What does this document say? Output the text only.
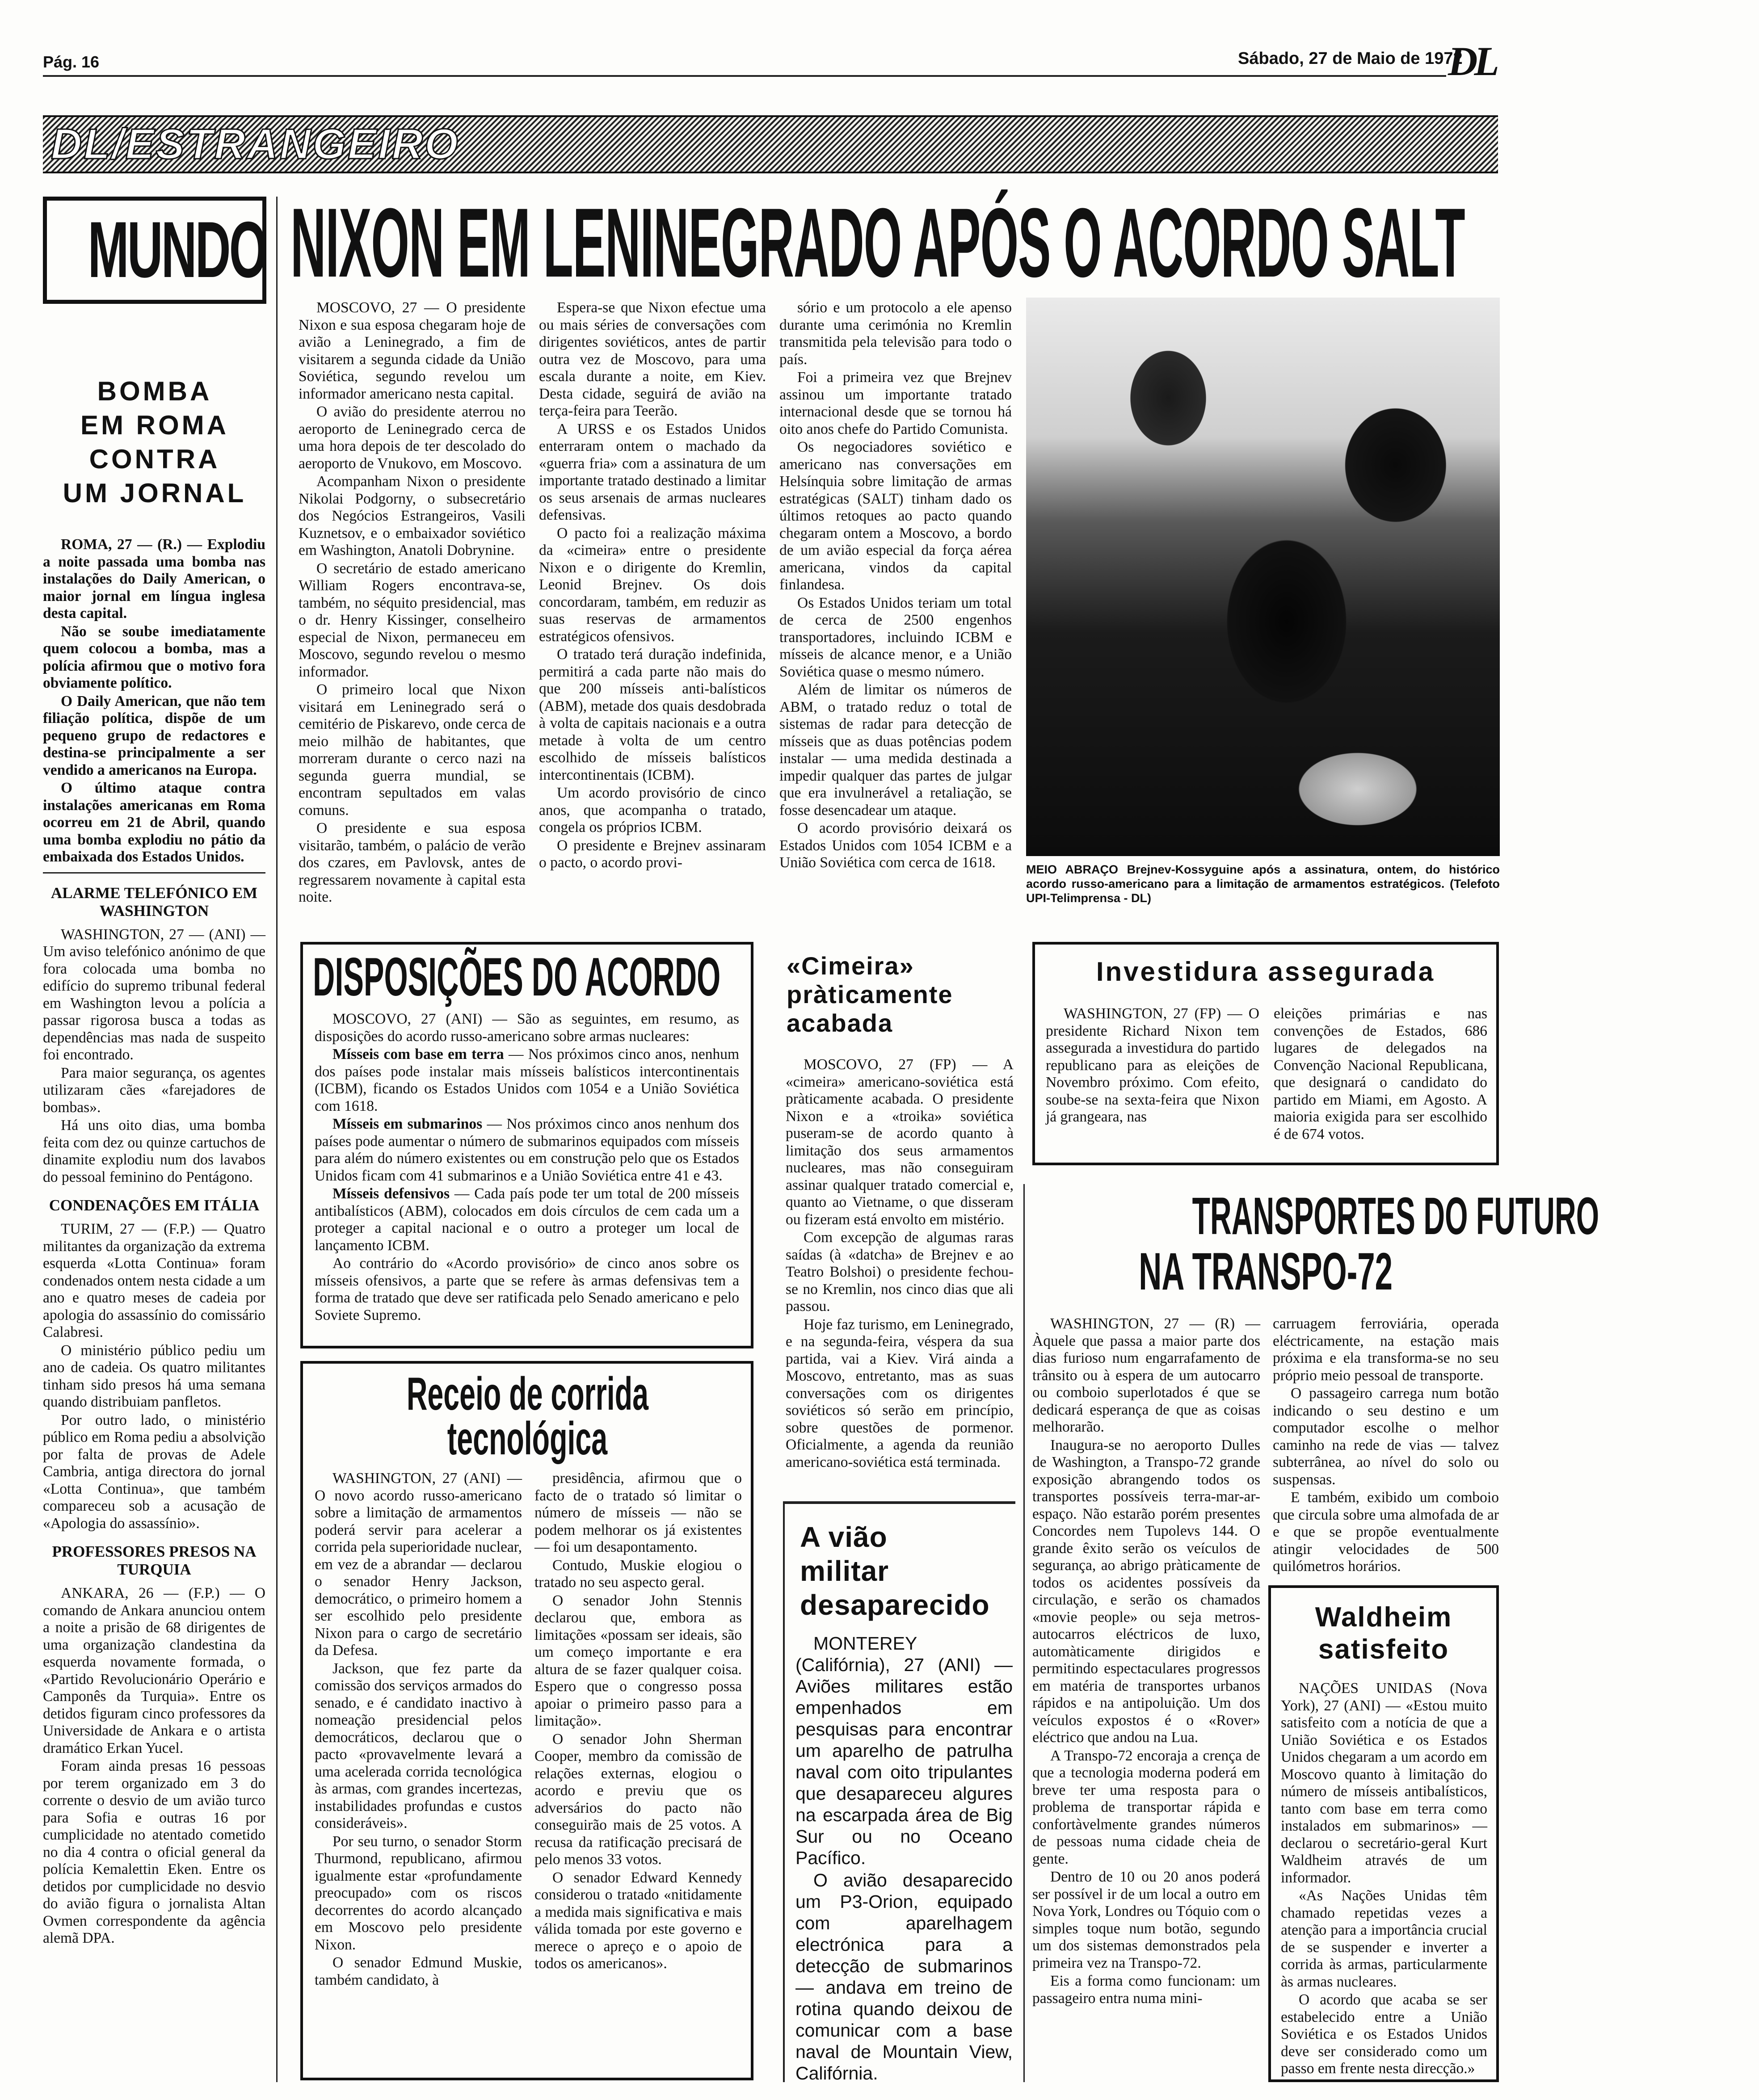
Pág. 16	Sábado, 27 de Maio de 1972
DL
DL/ESTRANGEIRO
MUNDO NIXON EM LENINEGRADO APÓS O ACORDO SALT
BOMBA
EM ROMA
CONTRA
UM JORNAL

ROMA, 27 — (R.) — Explodiu a noite passada uma bomba nas instalações do Daily American, o maior jornal em língua inglesa desta capital.

Não se soube imediatamente quem colocou a bomba, mas a polícia afirmou que o motivo fora obviamente político.

O Daily American, que não tem filiação política, dispõe de um pequeno grupo de redactores e destina-se principalmente a ser vendido a americanos na Europa.

O último ataque contra instalações americanas em Roma ocorreu em 21 de Abril, quando uma bomba explodiu no pátio da embaixada dos Estados Unidos.

ALARME TELEFÓNICO EM WASHINGTON

WASHINGTON, 27 — (ANI) — Um aviso telefónico anónimo de que fora colocada uma bomba no edifício do supremo tribunal federal em Washington levou a polícia a passar rigorosa busca a todas as dependências mas nada de suspeito foi encontrado.

Para maior segurança, os agentes utilizaram cães «farejadores de bombas».

Há uns oito dias, uma bomba feita com dez ou quinze cartuchos de dinamite explodiu num dos lavabos do pessoal feminino do Pentágono.

CONDENAÇÕES EM ITÁLIA

TURIM, 27 — (F.P.) — Quatro militantes da organização da extrema esquerda «Lotta Continua» foram condenados ontem nesta cidade a um ano e quatro meses de cadeia por apologia do assassínio do comissário Calabresi.

O ministério público pediu um ano de cadeia. Os quatro militantes tinham sido presos há uma semana quando distribuiam panfletos.

Por outro lado, o ministério público em Roma pediu a absolvição por falta de provas de Adele Cambria, antiga directora do jornal «Lotta Continua», que também compareceu sob a acusação de «Apologia do assassínio».

PROFESSORES PRESOS NA TURQUIA

ANKARA, 26 — (F.P.) — O comando de Ankara anunciou ontem a noite a prisão de 68 dirigentes de uma organização clandestina da esquerda novamente formada, o «Partido Revolucionário Operário e Camponês da Turquia». Entre os detidos figuram cinco professores da Universidade de Ankara e o artista dramático Erkan Yucel.

Foram ainda presas 16 pessoas por terem organizado em 3 do corrente o desvio de um avião turco para Sofia e outras 16 por cumplicidade no atentado cometido no dia 4 contra o oficial general da polícia Kemalettin Eken. Entre os detidos por cumplicidade no desvio do avião figura o jornalista Altan Ovmen correspondente da agência alemã DPA.

MOSCOVO, 27 — O presidente Nixon e sua esposa chegaram hoje de avião a Leninegrado, a fim de visitarem a segunda cidade da União Soviética, segundo revelou um informador americano nesta capital.

O avião do presidente aterrou no aeroporto de Leninegrado cerca de uma hora depois de ter descolado do aeroporto de Vnukovo, em Moscovo.

Acompanham Nixon o presidente Nikolai Podgorny, o subsecretário dos Negócios Estrangeiros, Vasili Kuznetsov, e o embaixador soviético em Washington, Anatoli Dobrynine.

O secretário de estado americano William Rogers encontrava-se, também, no séquito presidencial, mas o dr. Henry Kissinger, conselheiro especial de Nixon, permaneceu em Moscovo, segundo revelou o mesmo informador.

O primeiro local que Nixon visitará em Leninegrado será o cemitério de Piskarevo, onde cerca de meio milhão de habitantes, que morreram durante o cerco nazi na segunda guerra mundial, se encontram sepultados em valas comuns.

O presidente e sua esposa visitarão, também, o palácio de verão dos czares, em Pavlovsk, antes de regressarem novamente à capital esta noite.

Espera-se que Nixon efectue uma ou mais séries de conversações com dirigentes soviéticos, antes de partir outra vez de Moscovo, para uma escala durante a noite, em Kiev. Desta cidade, seguirá de avião na terça-feira para Teerão.

A URSS e os Estados Unidos enterraram ontem o machado da «guerra fria» com a assinatura de um importante tratado destinado a limitar os seus arsenais de armas nucleares defensivas.

O pacto foi a realização máxima da «cimeira» entre o presidente Nixon e o dirigente do Kremlin, Leonid Brejnev. Os dois concordaram, também, em reduzir as suas reservas de armamentos estratégicos ofensivos.

O tratado terá duração indefinida, permitirá a cada parte não mais do que 200 mísseis anti-balísticos (ABM), metade dos quais desdobrada à volta de capitais nacionais e a outra metade à volta de um centro escolhido de mísseis balísticos intercontinentais (ICBM).

Um acordo provisório de cinco anos, que acompanha o tratado, congela os próprios ICBM.

O presidente e Brejnev assinaram o pacto, o acordo provi-

sório e um protocolo a ele apenso durante uma cerimónia no Kremlin transmitida pela televisão para todo o país.

Foi a primeira vez que Brejnev assinou um importante tratado internacional desde que se tornou há oito anos chefe do Partido Comunista.

Os negociadores soviético e americano nas conversações em Helsínquia sobre limitação de armas estratégicas (SALT) tinham dado os últimos retoques ao pacto quando chegaram ontem a Moscovo, a bordo de um avião especial da força aérea americana, vindos da capital finlandesa.

Os Estados Unidos teriam um total de cerca de 2500 engenhos transportadores, incluindo ICBM e mísseis de alcance menor, e a União Soviética quase o mesmo número.

Além de limitar os números de ABM, o tratado reduz o total de sistemas de radar para detecção de mísseis que as duas potências podem instalar — uma medida destinada a impedir qualquer das partes de julgar que era invulnerável a retaliação, se fosse desencadear um ataque.

O acordo provisório deixará os Estados Unidos com 1054 ICBM e a União Soviética com cerca de 1618.	MEIO ABRAÇO Brejnev-Kossyguine após a assinatura, ontem, do histórico acordo russo-americano para a limitação de armamentos estratégicos. (Telefoto UPI-Telimprensa - DL)
DISPOSIÇÕES DO ACORDO

MOSCOVO, 27 (ANI) — São as seguintes, em resumo, as disposições do acordo russo-americano sobre armas nucleares:

Mísseis com base em terra — Nos próximos cinco anos, nenhum dos países pode instalar mais mísseis balísticos intercontinentais (ICBM), ficando os Estados Unidos com 1054 e a União Soviética com 1618.

Mísseis em submarinos — Nos próximos cinco anos nenhum dos países pode aumentar o número de submarinos equipados com mísseis para além do número existentes ou em construção pelo que os Estados Unidos ficam com 41 submarinos e a União Soviética entre 41 e 43.

Mísseis defensivos — Cada país pode ter um total de 200 mísseis antibalísticos (ABM), colocados em dois círculos de cem cada um a proteger a capital nacional e o outro a proteger um local de lançamento ICBM.

Ao contrário do «Acordo provisório» de cinco anos sobre os mísseis ofensivos, a parte que se refere às armas defensivas tem a forma de tratado que deve ser ratificada pelo Senado americano e pelo Soviete Supremo.

Receio de corrida
tecnológica

WASHINGTON, 27 (ANI) — O novo acordo russo-americano sobre a limitação de armamentos poderá servir para acelerar a corrida pela superioridade nuclear, em vez de a abrandar — declarou o senador Henry Jackson, democrático, o primeiro homem a ser escolhido pelo presidente Nixon para o cargo de secretário da Defesa.

Jackson, que fez parte da comissão dos serviços armados do senado, e é candidato inactivo à nomeação presidencial pelos democráticos, declarou que o pacto «provavelmente levará a uma acelerada corrida tecnológica às armas, com grandes incertezas, instabilidades profundas e custos consideráveis».

Por seu turno, o senador Storm Thurmond, republicano, afirmou igualmente estar «profundamente preocupado» com os riscos decorrentes do acordo alcançado em Moscovo pelo presidente Nixon.

O senador Edmund Muskie, também candidato, à

presidência, afirmou que o facto de o tratado só limitar o número de mísseis — não se podem melhorar os já existentes — foi um desapontamento.

Contudo, Muskie elogiou o tratado no seu aspecto geral.

O senador John Stennis declarou que, embora as limitações «possam ser ideais, são um começo importante e era altura de se fazer qualquer coisa. Espero que o congresso possa apoiar o primeiro passo para a limitação».

O senador John Sherman Cooper, membro da comissão de relações externas, elogiou o acordo e previu que os adversários do pacto não conseguirão mais de 25 votos. A recusa da ratificação precisará de pelo menos 33 votos.

O senador Edward Kennedy considerou o tratado «nitidamente a medida mais significativa e mais válida tomada por este governo e merece o apreço e o apoio de todos os americanos».

«Cimeira»
pràticamente
acabada

MOSCOVO, 27 (FP) — A «cimeira» americano-soviética está pràticamente acabada. O presidente Nixon e a «troika» soviética puseram-se de acordo quanto à limitação dos seus armamentos nucleares, mas não conseguiram assinar qualquer tratado comercial e, quanto ao Vietname, o que disseram ou fizeram está envolto em mistério.

Com excepção de algumas raras saídas (à «datcha» de Brejnev e ao Teatro Bolshoi) o presidente fechou-se no Kremlin, nos cinco dias que ali passou.

Hoje faz turismo, em Leninegrado, e na segunda-feira, véspera da sua partida, vai a Kiev. Virá ainda a Moscovo, entretanto, mas as suas conversações com os dirigentes soviéticos só serão em princípio, sobre questões de pormenor. Oficialmente, a agenda da reunião americano-soviética está terminada.

A vião
militar
desaparecido

MONTEREY (Califórnia), 27 (ANI) — Aviões militares estão empenhados em pesquisas para encontrar um aparelho de patrulha naval com oito tripulantes que desapareceu algures na escarpada área de Big Sur ou no Oceano Pacífico.

O avião desaparecido um P3-Orion, equipado com aparelhagem electrónica para a detecção de submarinos — andava em treino de rotina quando deixou de comunicar com a base naval de Mountain View, Califórnia.

Investidura assegurada

WASHINGTON, 27 (FP) — O presidente Richard Nixon tem assegurada a investidura do partido republicano para as eleições de Novembro próximo. Com efeito, soube-se na sexta-feira que Nixon já grangeara, nas

eleições primárias e nas convenções de Estados, 686 lugares de delegados na Convenção Nacional Republicana, que designará o candidato do partido em Miami, em Agosto. A maioria exigida para ser escolhido é de 674 votos.

TRANSPORTES DO FUTURO
NA TRANSPO-72

WASHINGTON, 27 — (R) — Àquele que passa a maior parte dos dias furioso num engarrafamento de trânsito ou à espera de um autocarro ou comboio superlotados é que se dedicará esperança de que as coisas melhorarão.

Inaugura-se no aeroporto Dulles de Washington, a Transpo-72 grande exposição abrangendo todos os transportes possíveis terra-mar-ar-espaço. Não estarão porém presentes Concordes nem Tupolevs 144. O grande êxito serão os veículos de segurança, ao abrigo pràticamente de todos os acidentes possíveis da circulação, e serão os chamados «movie people» ou seja metros-autocarros eléctricos de luxo, automàticamente dirigidos e permitindo espectaculares progressos em matéria de transportes urbanos rápidos e na antipoluição. Um dos veículos expostos é o «Rover» eléctrico que andou na Lua.

A Transpo-72 encoraja a crença de que a tecnologia moderna poderá em breve ter uma resposta para o problema de transportar rápida e confortàvelmente grandes números de pessoas numa cidade cheia de gente.

Dentro de 10 ou 20 anos poderá ser possível ir de um local a outro em Nova York, Londres ou Tóquio com o simples toque num botão, segundo um dos sistemas demonstrados pela primeira vez na Transpo-72.

Eis a forma como funcionam: um passageiro entra numa mini-

carruagem ferroviária, operada eléctricamente, na estação mais próxima e ela transforma-se no seu próprio meio pessoal de transporte.

O passageiro carrega num botão indicando o seu destino e um computador escolhe o melhor caminho na rede de vias — talvez subterrânea, ao nível do solo ou suspensas.

E também, exibido um comboio que circula sobre uma almofada de ar e que se propõe eventualmente atingir velocidades de 500 quilómetros horários.

Waldheim
satisfeito

NAÇÕES UNIDAS (Nova York), 27 (ANI) — «Estou muito satisfeito com a notícia de que a União Soviética e os Estados Unidos chegaram a um acordo em Moscovo quanto à limitação do número de mísseis antibalísticos, tanto com base em terra como instalados em submarinos» — declarou o secretário-geral Kurt Waldheim através de um informador.

«As Nações Unidas têm chamado repetidas vezes a atenção para a importância crucial de se suspender e inverter a corrida às armas, particularmente às armas nucleares.

O acordo que acaba se ser estabelecido entre a União Soviética e os Estados Unidos deve ser considerado como um passo em frente nesta direcção.»
